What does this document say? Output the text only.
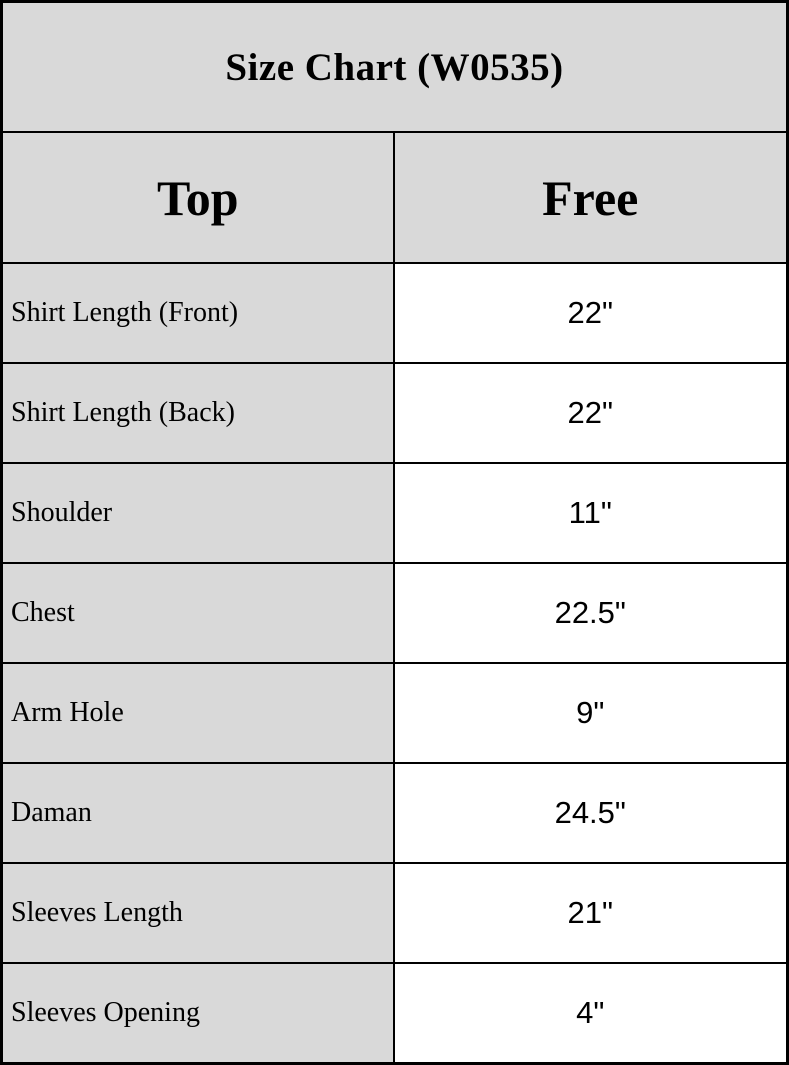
Size Chart (W0535)
Top	Free
Shirt Length (Front)	22"
Shirt Length (Back)	22"
Shoulder	11"
Chest	22.5"
Arm Hole	9"
Daman	24.5"
Sleeves Length	21"
Sleeves Opening	4"
